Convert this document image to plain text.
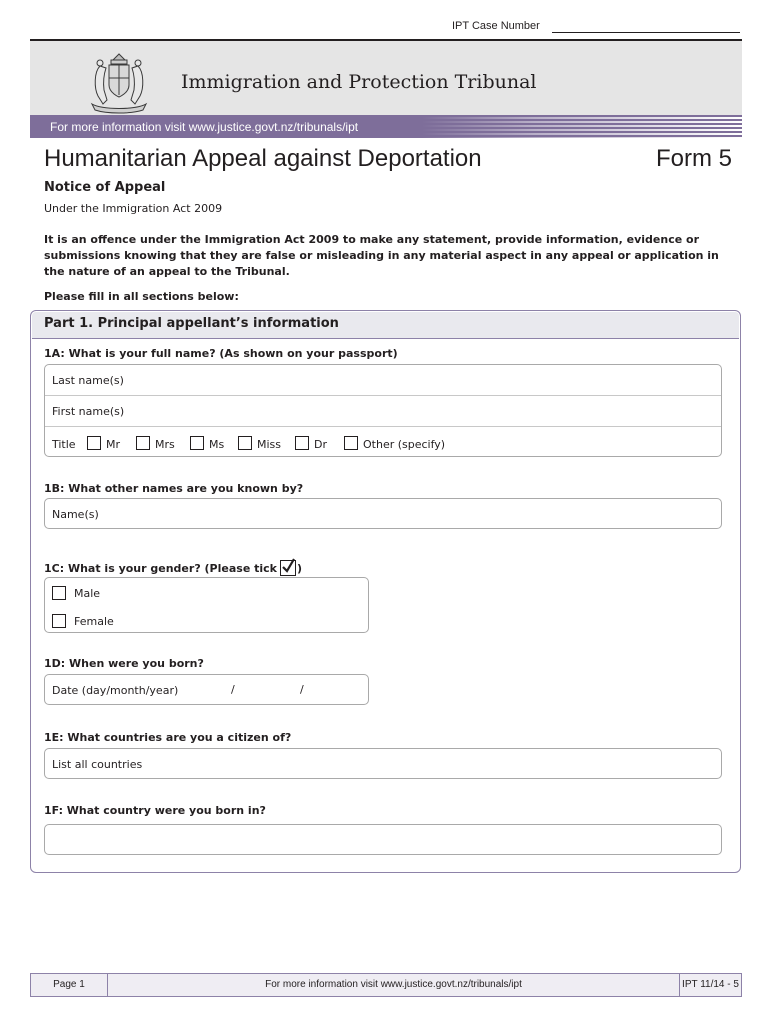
IPT Case Number
Immigration and Protection Tribunal
For more information visit www.justice.govt.nz/tribunals/ipt
Humanitarian Appeal against Deportation	Form 5
Notice of Appeal
Under the Immigration Act 2009
It is an offence under the Immigration Act 2009 to make any statement, provide information, evidence or submissions knowing that they are false or misleading in any material aspect in any appeal or application in the nature of an appeal to the Tribunal.
Please fill in all sections below:
Part 1. Principal appellant’s information
1A: What is your full name? (As shown on your passport)
Last name(s)
First name(s)
Title	Mr	Mrs	Ms	Miss	Dr	Other (specify)
1B: What other names are you known by?
Name(s)
1C: What is your gender? (Please tick )
Male
Female
1D: When were you born?
Date (day/month/year)	/	/
1E: What countries are you a citizen of?
List all countries
1F: What country were you born in?
Page 1	For more information visit www.justice.govt.nz/tribunals/ipt	IPT 11/14 - 5
